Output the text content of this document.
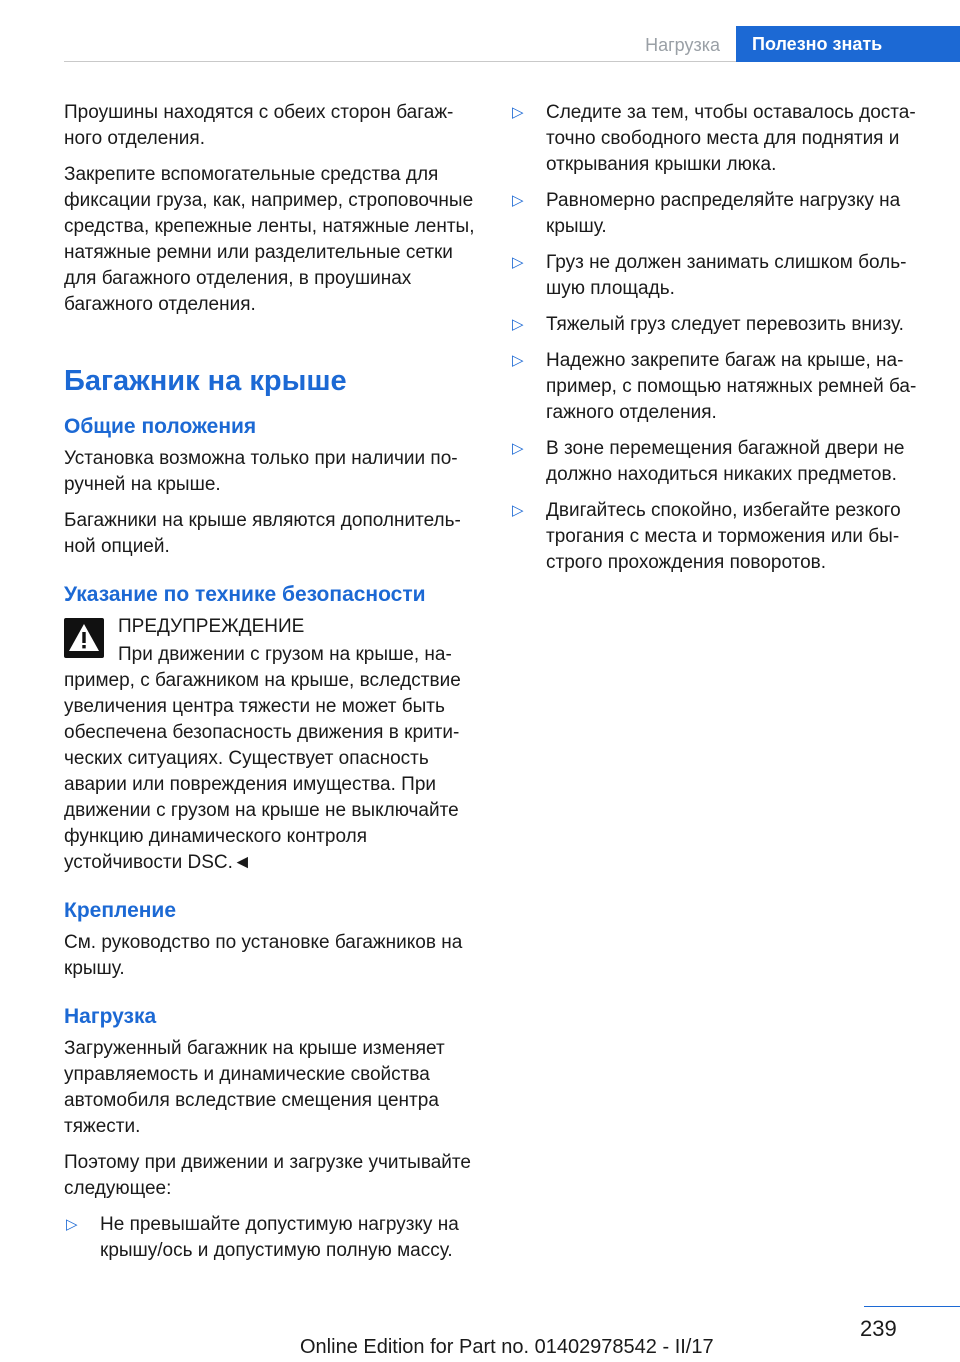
Нагрузка	Полезно знать

Проушины находятся с обеих сторон багажного отделения.

Закрепите вспомогательные средства для фиксации груза, как, например, строповочные средства, крепежные ленты, натяжные ленты, натяжные ремни или разделительные сетки для багажного отделения, в проушинах багажного отделения.

Багажник на крыше
Общие положения

Установка возможна только при наличии поручней на крыше.

Багажники на крыше являются дополнительной опцией.

Указание по технике безопасности
ПРЕДУПРЕЖДЕНИЕ

При движении с грузом на крыше, например, с багажником на крыше, вследствие увеличения центра тяжести не может быть обеспечена безопасность движения в критических ситуациях. Существует опасность аварии или повреждения имущества. При движении с грузом на крыше не выключайте функцию динамического контроля устойчивости DSC.◄

Крепление

См. руководство по установке багажников на крышу.

Нагрузка

Загруженный багажник на крыше изменяет управляемость и динамические свойства автомобиля вследствие смещения центра тяжести.

Поэтому при движении и загрузке учитывайте следующее:

▷ Не превышайте допустимую нагрузку на крышу/ось и допустимую полную массу.
▷ Следите за тем, чтобы оставалось достаточно свободного места для поднятия и открывания крышки люка.
▷ Равномерно распределяйте нагрузку на крышу.
▷ Груз не должен занимать слишком большую площадь.
▷ Тяжелый груз следует перевозить внизу.
▷ Надежно закрепите багаж на крыше, например, с помощью натяжных ремней багажного отделения.
▷ В зоне перемещения багажной двери не должно находиться никаких предметов.
▷ Двигайтесь спокойно, избегайте резкого трогания с места и торможения или быстрого прохождения поворотов.
239
Online Edition for Part no. 01402978542 - II/17
